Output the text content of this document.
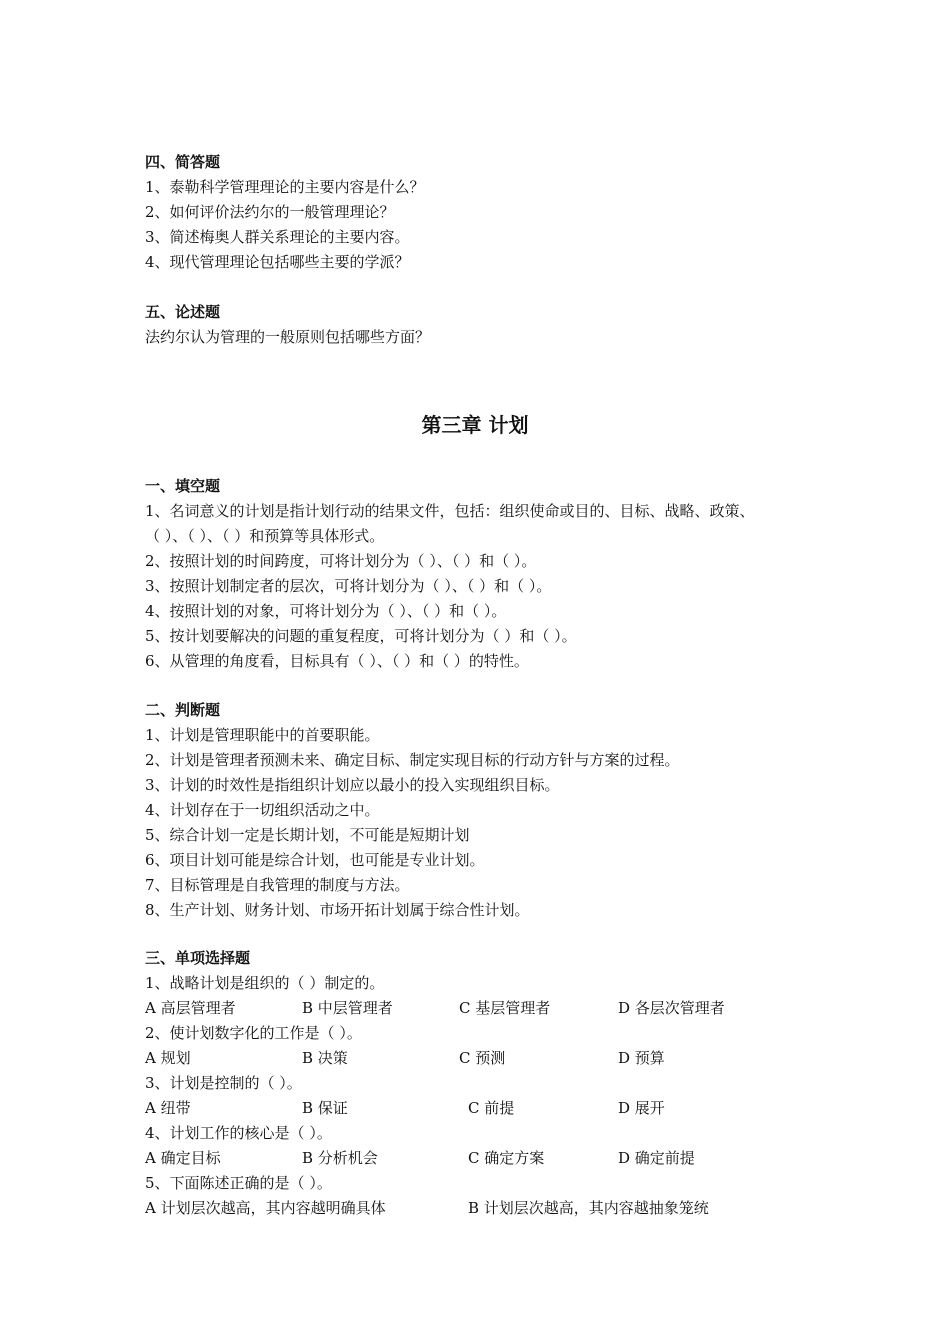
四、简答题
1、泰勒科学管理理论的主要内容是什么？
2、如何评价法约尔的一般管理理论？
3、简述梅奥人群关系理论的主要内容。
4、现代管理理论包括哪些主要的学派？
五、论述题
法约尔认为管理的一般原则包括哪些方面？
第三章 计划
一、填空题
1、名词意义的计划是指计划行动的结果文件，包括：组织使命或目的、目标、战略、政策、
（ ）、（ ）、（ ）和预算等具体形式。
2、按照计划的时间跨度，可将计划分为（ ）、（ ）和（ ）。
3、按照计划制定者的层次，可将计划分为（ ）、（ ）和（ ）。
4、按照计划的对象，可将计划分为（ ）、（ ）和（ ）。
5、按计划要解决的问题的重复程度，可将计划分为（ ）和（ ）。
6、从管理的角度看，目标具有（ ）、（ ）和（ ）的特性。
二、判断题
1、计划是管理职能中的首要职能。
2、计划是管理者预测未来、确定目标、制定实现目标的行动方针与方案的过程。
3、计划的时效性是指组织计划应以最小的投入实现组织目标。
4、计划存在于一切组织活动之中。
5、综合计划一定是长期计划，不可能是短期计划
6、项目计划可能是综合计划，也可能是专业计划。
7、目标管理是自我管理的制度与方法。
8、生产计划、财务计划、市场开拓计划属于综合性计划。
三、单项选择题
1、战略计划是组织的（ ）制定的。
A 高层管理者	B 中层管理者	C 基层管理者	D 各层次管理者
2、使计划数字化的工作是（ ）。
A 规划	B 决策	C 预测	D 预算
3、计划是控制的（ ）。
A 纽带	B 保证	C 前提	D 展开
4、计划工作的核心是（ ）。
A 确定目标	B 分析机会	C 确定方案	D 确定前提
5、下面陈述正确的是（ ）。
A 计划层次越高，其内容越明确具体	B 计划层次越高，其内容越抽象笼统
